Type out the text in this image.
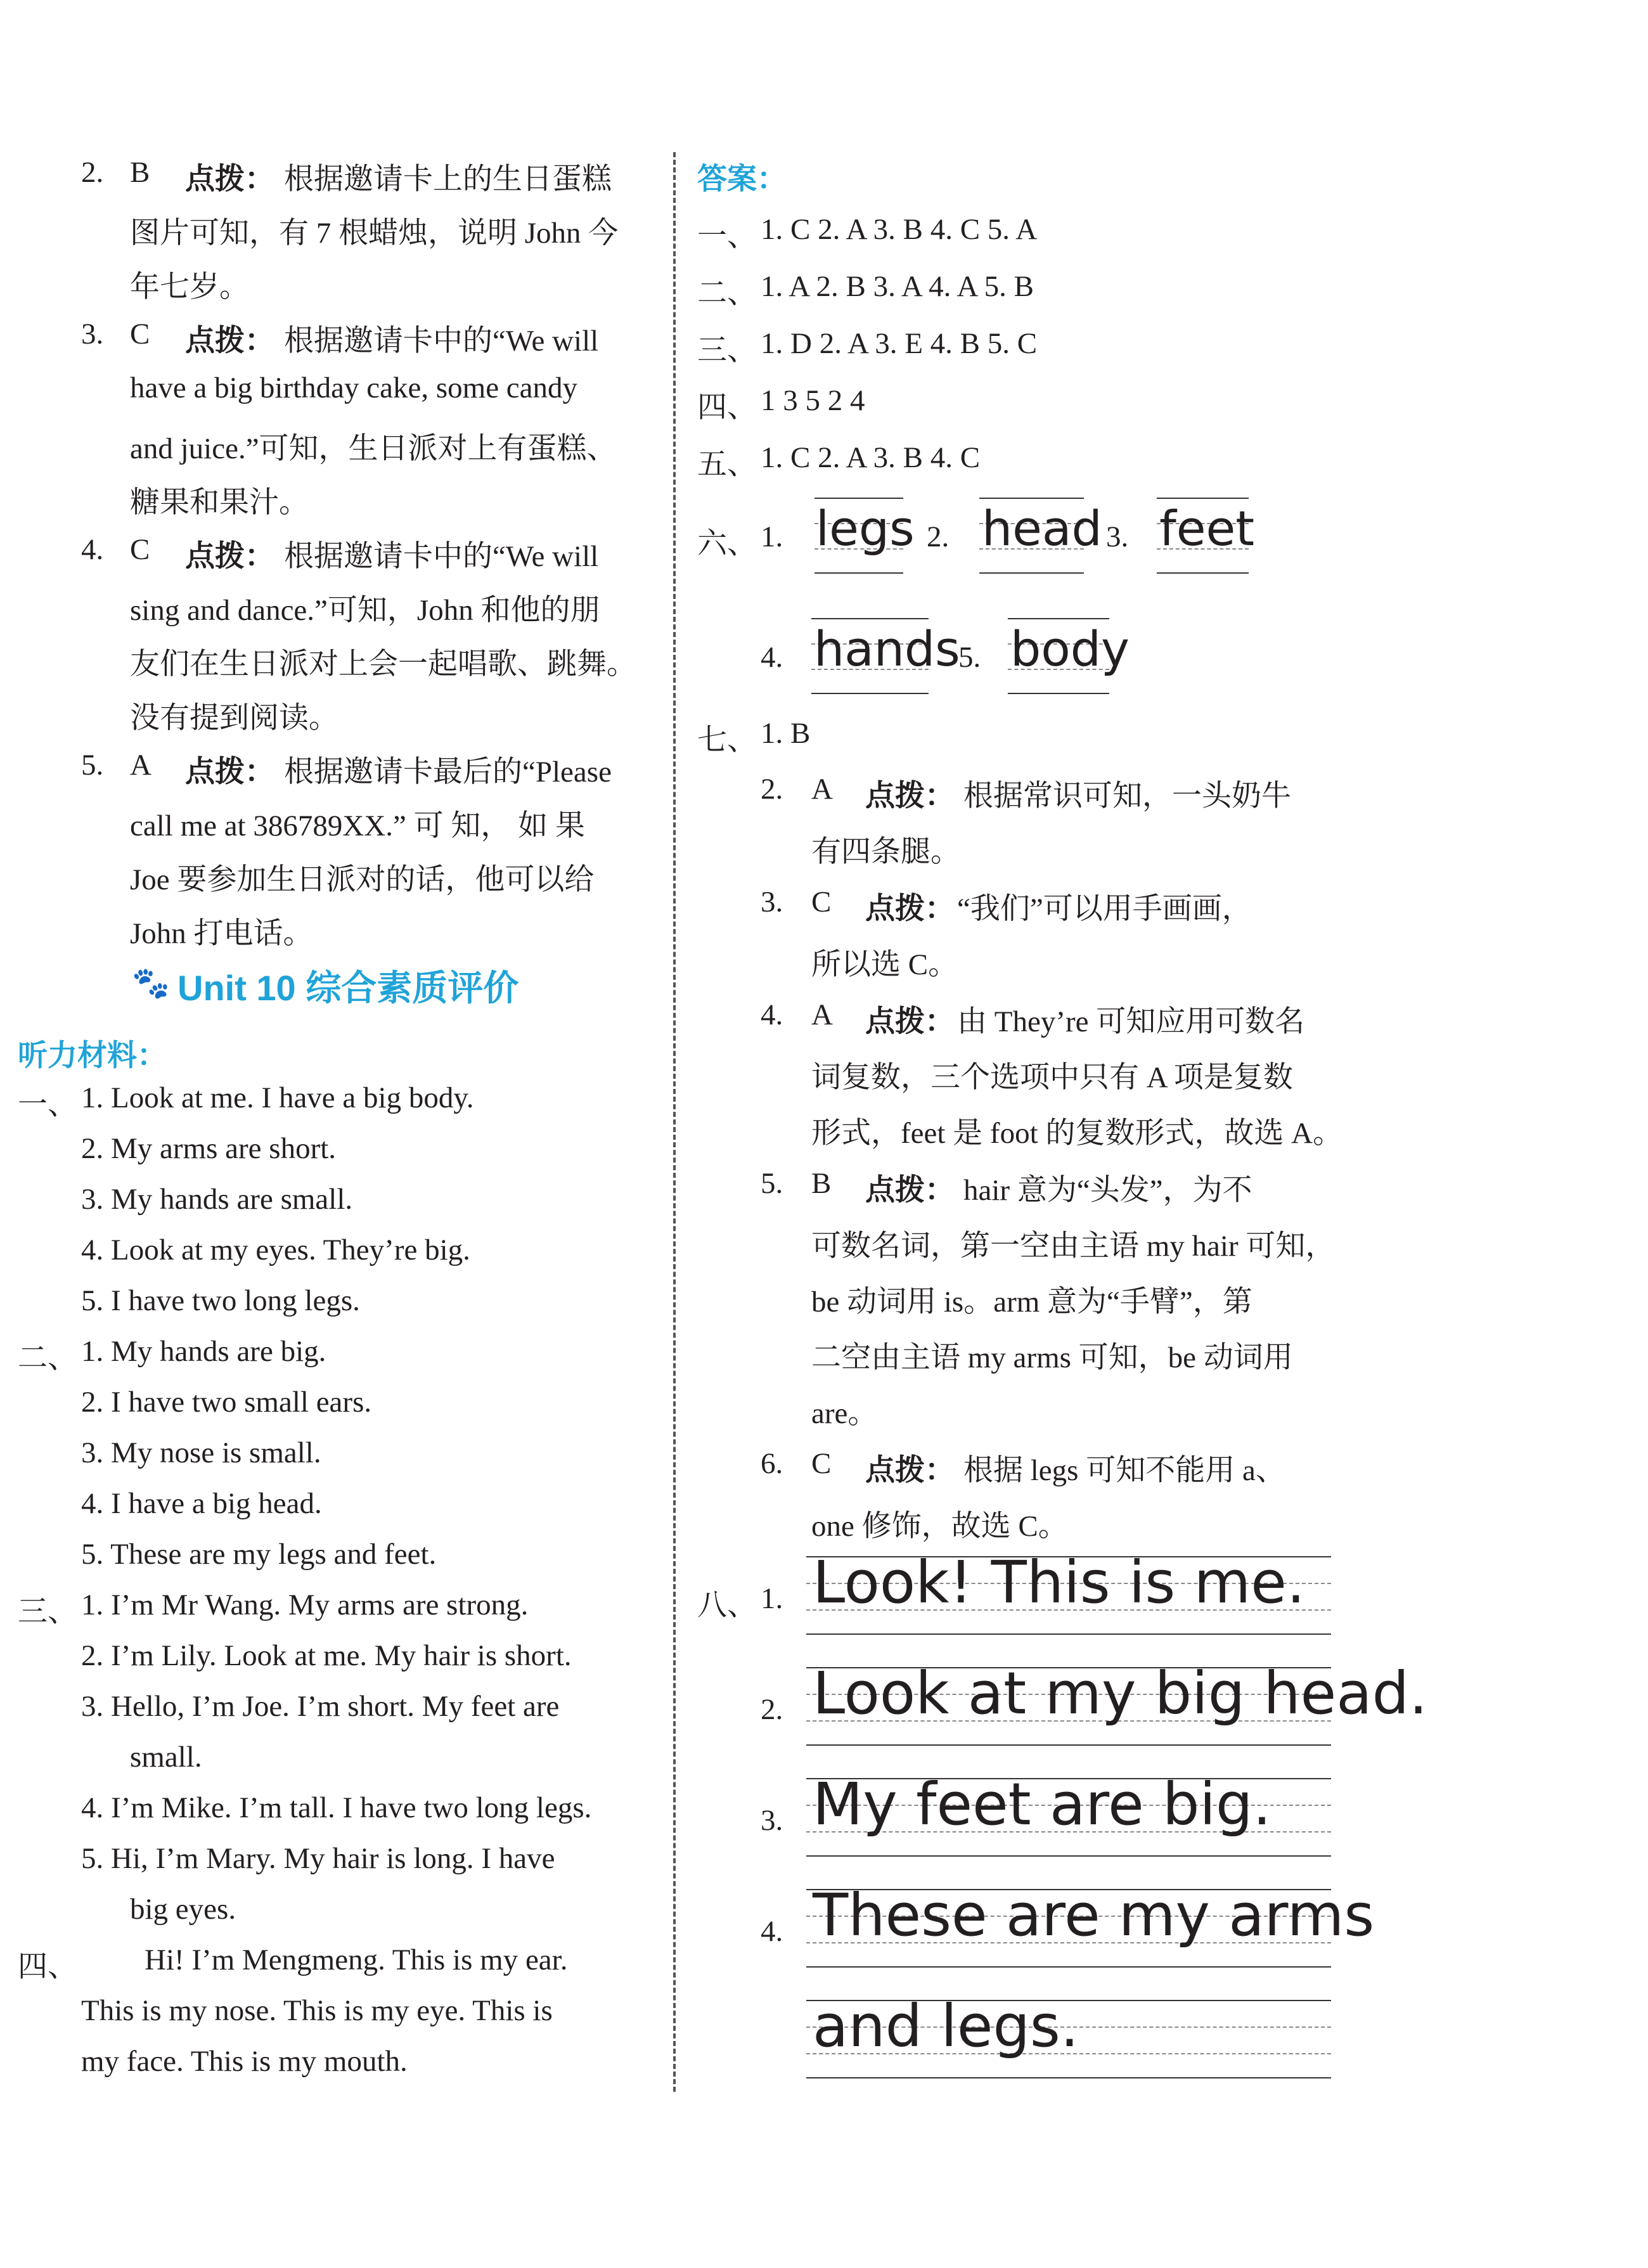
2. B 点拨： 根据邀请卡上的生日蛋糕
图片可知，有 7 根蜡烛，说明 John 今
年七岁。
3. C 点拨： 根据邀请卡中的“We will
have a big birthday cake, some candy
and juice.”可知，生日派对上有蛋糕、
糖果和果汁。
4. C 点拨： 根据邀请卡中的“We will
sing and dance.”可知，John 和他的朋
友们在生日派对上会一起唱歌、跳舞。
没有提到阅读。
5. A 点拨： 根据邀请卡最后的“Please
call me at 386789XX.” 可 知， 如 果
Joe 要参加生日派对的话，他可以给
John 打电话。
🐾 Unit 10 综合素质评价
听力材料：
一、 1. Look at me. I have a big body.
2. My arms are short.
3. My hands are small.
4. Look at my eyes. They’re big.
5. I have two long legs.
二、 1. My hands are big.
2. I have two small ears.
3. My nose is small.
4. I have a big head.
5. These are my legs and feet.
三、 1. I’m Mr Wang. My arms are strong.
2. I’m Lily. Look at me. My hair is short.
3. Hello, I’m Joe. I’m short. My feet are
small.
4. I’m Mike. I’m tall. I have two long legs.
5. Hi, I’m Mary. My hair is long. I have
big eyes.
四、 Hi! I’m Mengmeng. This is my ear.
This is my nose. This is my eye. This is
my face. This is my mouth.
答案：
一、 1. C 2. A 3. B 4. C 5. A
二、 1. A 2. B 3. A 4. A 5. B
三、 1. D 2. A 3. E 4. B 5. C
四、 1 3 5 2 4
五、 1. C 2. A 3. B 4. C
六、 1. legs 2. head 3. feet
4. hands
5. body
七、 1. B
2. A 点拨： 根据常识可知，一头奶牛
有四条腿。
3. C 点拨： “我们”可以用手画画，
所以选 C。
4. A 点拨： 由 They’re 可知应用可数名
词复数，三个选项中只有 A 项是复数
形式，feet 是 foot 的复数形式，故选 A。
5. B 点拨： hair 意为“头发”，为不
可数名词，第一空由主语 my hair 可知，
be 动词用 is。arm 意为“手臂”，第
二空由主语 my arms 可知，be 动词用
are。
6. C 点拨： 根据 legs 可知不能用 a、
one 修饰，故选 C。
八、 1. Look! This is me.
2. Look at my big head.
3. My feet are big.
4. These are my arms
and legs.
